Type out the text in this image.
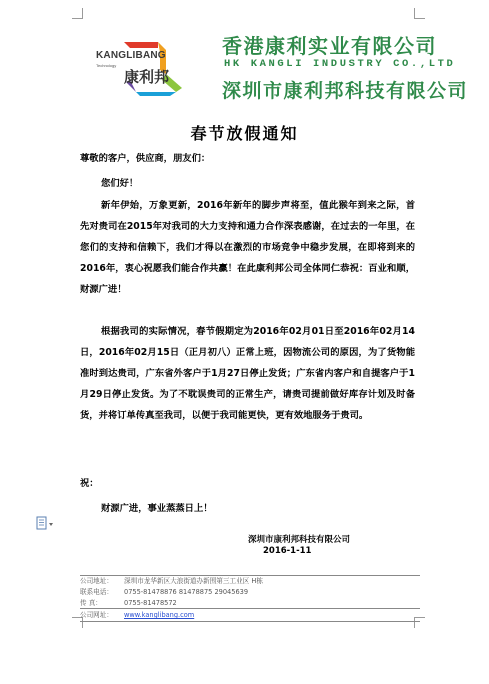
KANGLIBANG
Technology
康利邦
香港康利实业有限公司
HK KANGLI INDUSTRY CO.,LTD
深圳市康利邦科技有限公司
春节放假通知
尊敬的客户，供应商，朋友们：
您们好！
新年伊始，万象更新，2016年新年的脚步声将至，值此猴年到来之际，首先对贵司在2015年对我司的大力支持和通力合作深表感谢，在过去的一年里，在您们的支持和信赖下，我们才得以在激烈的市场竞争中稳步发展，在即将到来的2016年，衷心祝愿我们能合作共赢！在此康利邦公司全体同仁恭祝：百业和顺，财源广进！
根据我司的实际情况，春节假期定为2016年02月01日至2016年02月14日，2016年02月15日（正月初八）正常上班，因物流公司的原因，为了货物能准时到达贵司，广东省外客户于1月27日停止发货；广东省内客户和自提客户于1月29日停止发货。为了不耽误贵司的正常生产，请贵司提前做好库存计划及时备货，并将订单传真至我司，以便于我司能更快，更有效地服务于贵司。
祝：
财源广进，事业蒸蒸日上！
深圳市康利邦科技有限公司
2016-1-11
公司地址： 深圳市龙华新区大浪街道办新围第三工业区 H栋
联系电话： 0755-81478876 81478875 29045639
传 真：	0755-81478572
公司网址： www.kanglibang.com
